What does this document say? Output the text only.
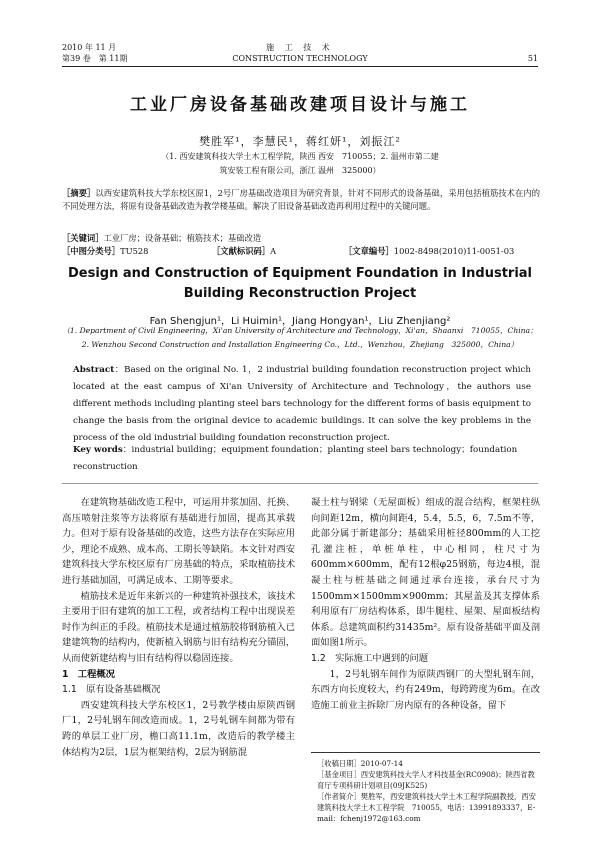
2010 年 11 月
第39 卷　第 11期
施 工 技 术
CONSTRUCTION TECHNOLOGY	51
工业厂房设备基础改建项目设计与施工
樊胜军¹，李慧民¹，蒋红妍¹，刘振江²
（1. 西安建筑科技大学土木工程学院，陕西 西安　710055；2. 温州市第二建
筑安装工程有限公司，浙江 温州　325000）
［摘要］以西安建筑科技大学东校区原1，2号厂房基础改造项目为研究背景，针对不同形式的设备基础，采用包括植筋技术在内的不同处理方法，将原有设备基础改造为教学楼基础。解决了旧设备基础改造再利用过程中的关键问题。
［关键词］工业厂房；设备基础；植筋技术；基础改造
［中图分类号］TU528	［文献标识码］A	［文章编号］1002-8498(2010)11-0051-03
Design and Construction of Equipment Foundation in Industrial
Building Reconstruction Project
Fan Shengjun¹，Li Huimin¹，Jiang Hongyan¹，Liu Zhenjiang²
（1. Department of Civil Engineering，Xi'an University of Architecture and Technology，Xi'an，Shaanxi　710055，China；
2. Wenzhou Second Construction and Installation Engineering Co.，Ltd.，Wenzhou，Zhejiang　325000，China）
Abstract：Based on the original No. 1，2 industrial building foundation reconstruction project which located at the east campus of Xi'an University of Architecture and Technology，the authors use different methods including planting steel bars technology for the different forms of basis equipment to change the basis from the original device to academic buildings. It can solve the key problems in the process of the old industrial building foundation reconstruction project.
Key words：industrial building；equipment foundation；planting steel bars technology；foundation reconstruction

在建筑物基础改造工程中，可运用井浆加固、托换、高压喷射注浆等方法将原有基础进行加固，提高其承载力。但对于原有设备基础的改造，这些方法存在实际应用少，理论不成熟、成本高、工期长等缺陷。本文针对西安建筑科技大学东校区原有厂房基础的特点，采取植筋技术进行基础加固，可满足成本、工期等要求。

植筋技术是近年来新兴的一种建筑补强技术，该技术主要用于旧有建筑的加工工程，或者结构工程中出现误差时作为纠正的手段。植筋技术是通过植筋胶将钢筋植入已建建筑物的结构内，使新植入钢筋与旧有结构充分锚固，从而使新建结构与旧有结构得以稳固连接。

1　工程概况

1.1　原有设备基础概况

西安建筑科技大学东校区1，2号教学楼由原陕西钢厂1，2号轧钢车间改造而成。1，2号轧钢车间都为带有跨的单层工业厂房，檐口高11.1m，改造后的教学楼主体结构为2层，1层为框架结构，2层为钢筋混

凝土柱与钢梁（无屋面板）组成的混合结构，框架柱纵向间距12m，横向间距4，5.4，5.5，6，7.5m不等，此部分属于新建部分；基础采用桩径800mm的人工挖孔灌注桩，单桩单柱，中心相同，柱尺寸为600mm×600mm，配有12根φ25钢筋，每边4根，混凝土柱与桩基础之间通过承台连接，承台尺寸为1500mm×1500mm×900mm；其屋盖及其支撑体系利用原有厂房结构体系，即牛腿柱、屋架、屋面板结构体系。总建筑面积约31435m²。原有设备基础平面及剖面如图1所示。

1.2　实际施工中遇到的问题

1，2号轧钢车间作为原陕西钢厂的大型轧钢车间，东西方向长度较大，约有249m，每跨跨度为6m。在改造施工前业主拆除厂房内原有的各种设备，留下

［收稿日期］2010-07-14

［基金项目］西安建筑科技大学人才科技基金(RC0908)；陕西省教育厅专项科研计划项目(09JK525)

［作者简介］樊胜军，西安建筑科技大学土木工程学院副教授，西安建筑科技大学土木工程学院　710055，电话：13991893337，E-mail：fchenj1972@163.com
